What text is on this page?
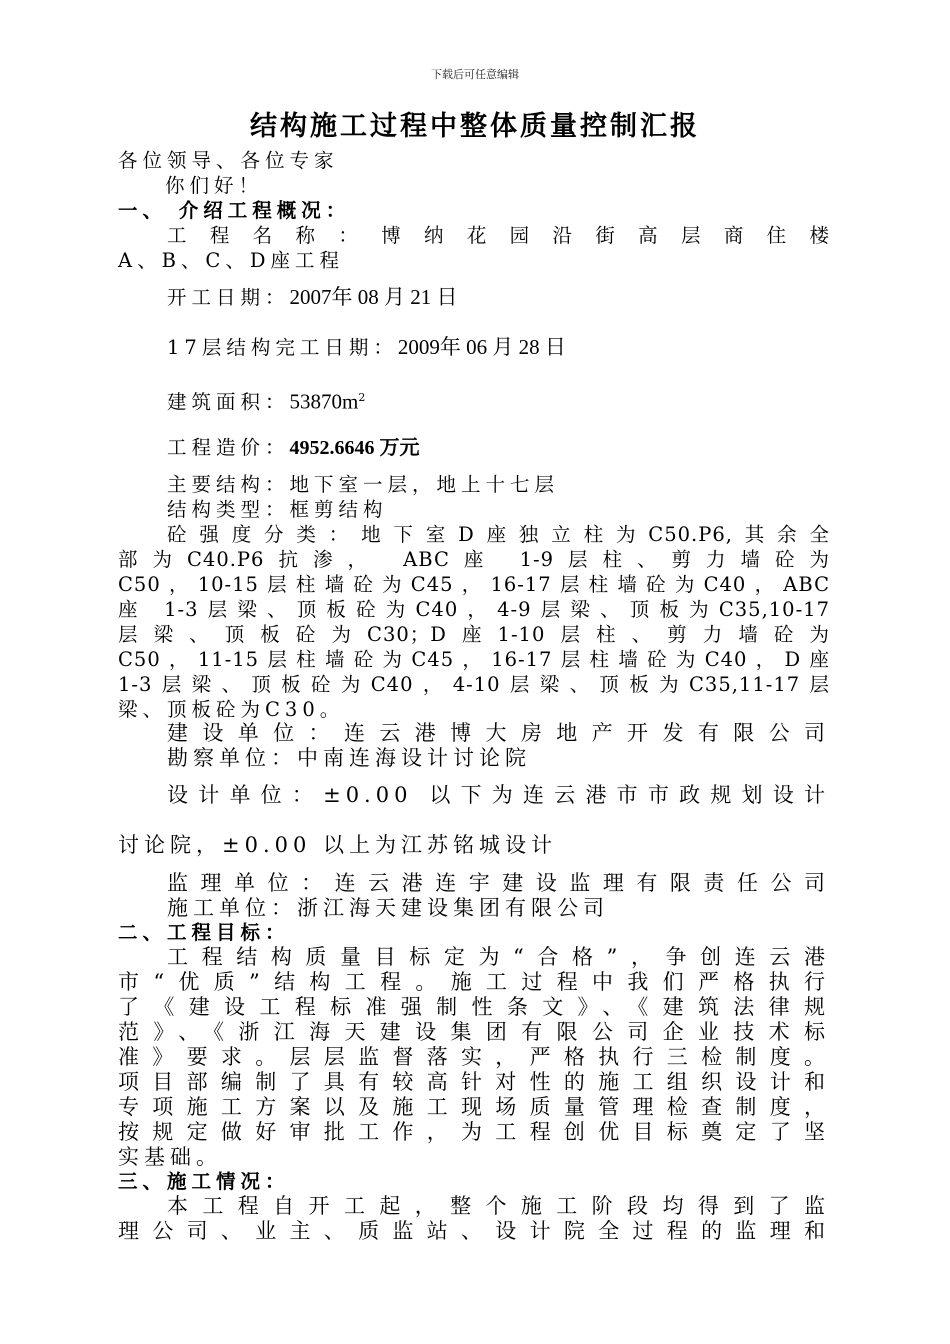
下载后可任意编辑
结构施工过程中整体质量控制汇报
各位领导、各位专家
你们好！
一、 介绍工程概况：
工程名称：博纳花园沿街高层商住楼
A、B、C、D座工程
开工日期：2007年 08 月 21 日
17层结构完工日期：2009年 06 月 28 日
建筑面积：$53870m^2$
工程造价：4952.6646 万元
主要结构：地下室一层，地上十七层
结构类型：框剪结构
砼强度分类：地下室D座独立柱为C50.P6,其余全
部为C40.P6抗渗， ABC座 1-9层柱、剪力墙砼为
C50，10-15层柱墙砼为C45，16-17层柱墙砼为C40，ABC
座 1-3层梁、顶板砼为C40，4-9层梁、顶板为C35,10-17
层梁、顶板砼为C30；D座1-10层柱、剪力墙砼为
C50，11-15层柱墙砼为C45，16-17层柱墙砼为C40，D座
1-3层梁、顶板砼为C40，4-10层梁、顶板为C35,11-17层
梁、顶板砼为C30。
建设单位：连云港博大房地产开发有限公司
勘察单位：中南连海设计讨论院
设计单位：±0.00 以下为连云港市市政规划设计
讨论院，±0.00 以上为江苏铭城设计
监理单位：连云港连宇建设监理有限责任公司
施工单位：浙江海天建设集团有限公司
二、工程目标：
工程结构质量目标定为“合格”，争创连云港
市“优质”结构工程。施工过程中我们严格执行
了《建设工程标准强制性条文》、《建筑法律规
范》、《浙江海天建设集团有限公司企业技术标
准》要求。层层监督落实，严格执行三检制度。
项目部编制了具有较高针对性的施工组织设计和
专项施工方案以及施工现场质量管理检查制度，
按规定做好审批工作，为工程创优目标奠定了坚
实基础。
三、施工情况：
本工程自开工起，整个施工阶段均得到了监
理公司、业主、质监站、设计院全过程的监理和
